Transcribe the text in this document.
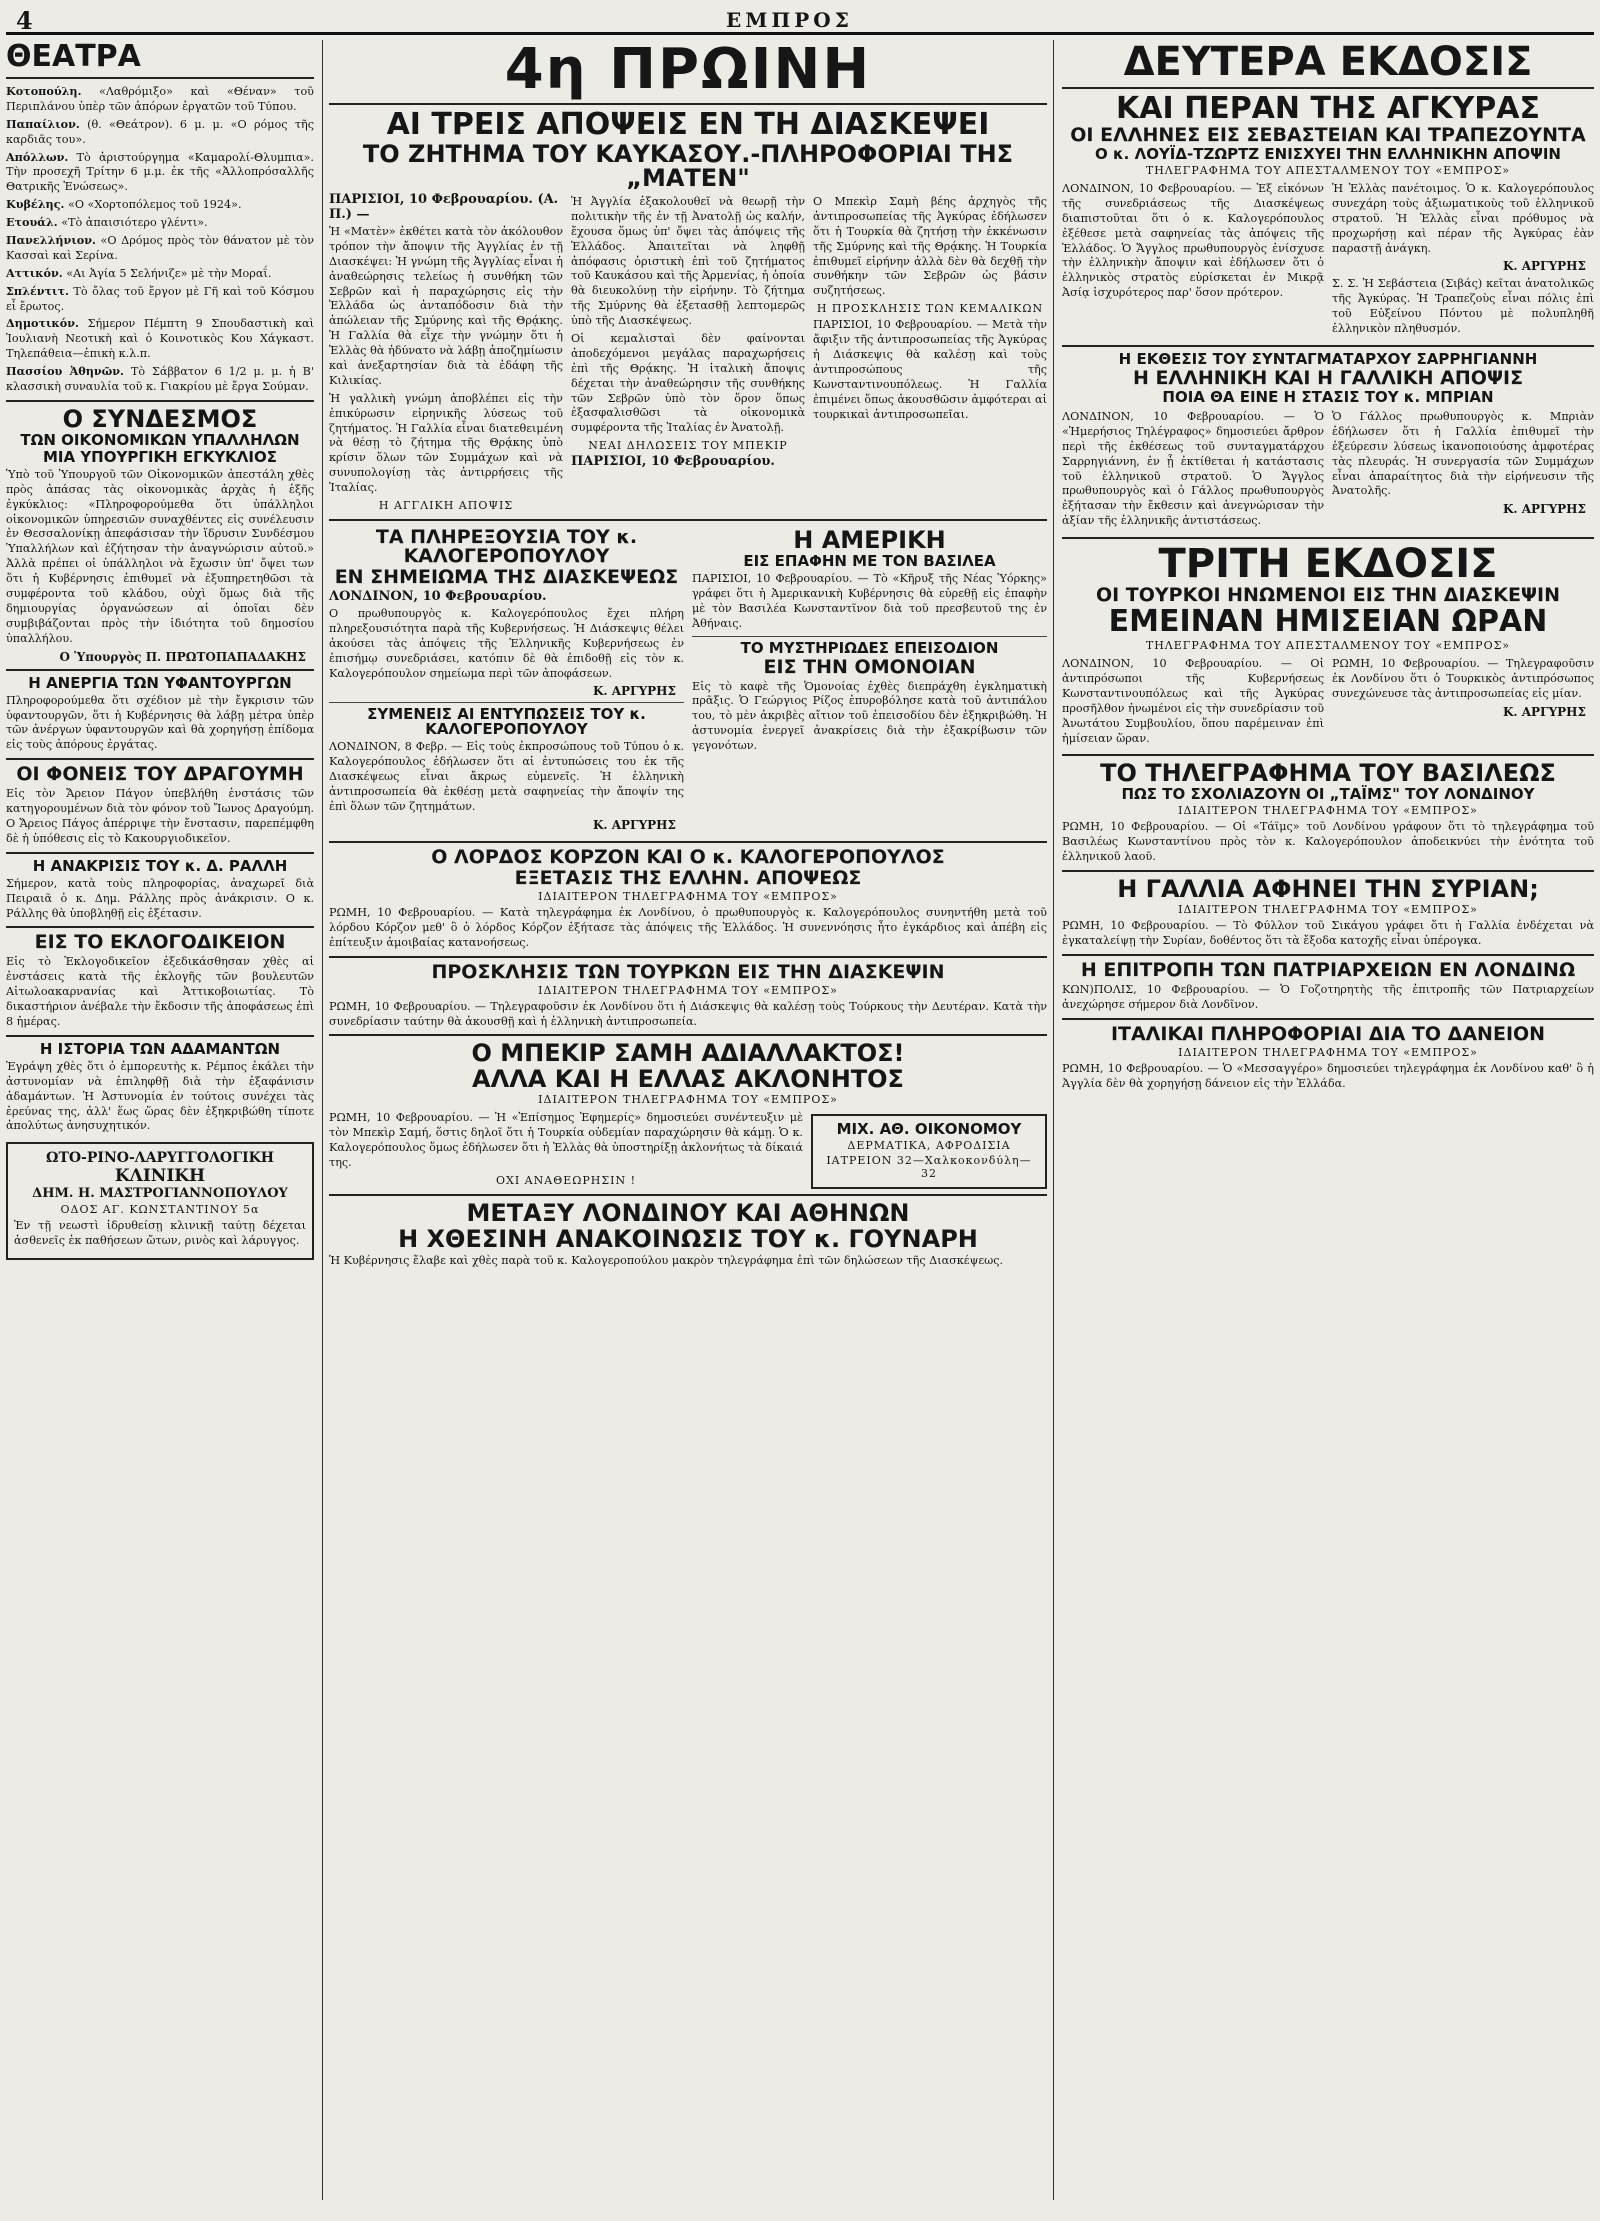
4	ΕΜΠΡΟΣ
ΘΕΑΤΡΑ

Κοτοπούλη. «Λαθρόμιξο» καὶ «Θέναν» τοῦ Περιπλάνου ὑπὲρ τῶν ἀπόρων ἐργατῶν τοῦ Τύπου.

Παπαίλιον. (θ. «Θεάτρον). 6 μ. μ. «Ο ρόμος τῆς καρδιᾶς του».

Απόλλων. Τὸ ἀριστούργημα «Καμαρολί-Θλυμπια». Τὴν προσεχῆ Τρίτην 6 μ.μ. ἐκ τῆς «Ἀλλοπρόσαλλῆς Θατρικῆς Ἑνώσεως».

Κυβέλης. «Ο «Χορτοπόλεμος τοῦ 1924».

Ετουάλ. «Τὸ ἀπαισιότερο γλέντι».

Πανελλήνιον. «Ο Δρόμος πρὸς τὸν θάνατον μὲ τὸν Κασσαὶ καὶ Σερίνα.

Αττικόν. «Αι Ἀγία 5 Σελήνιζε» μὲ τὴν Μοραΐ.

Σπλέντιτ. Τὸ ὄλας τοῦ ἔργον μὲ Γῆ καὶ τοῦ Κόσμου εἶ ἔρωτος.

Δημοτικόν. Σήμερον Πέμπτη 9 Σπουδαστικὴ καὶ Ἰουλιανὴ Νεοτικὴ καὶ ὁ Κοινοτικὸς Κου Χάγκαστ. Τηλεπάθεια—ἐπικὴ κ.λ.π.

Πασσίου Ἀθηνῶν. Τὸ Σάββατον 6 1/2 μ. μ. ἡ Β' κλασσικὴ συναυλία τοῦ κ. Γιακρίου μὲ ἔργα Σούμαν.

Ο ΣΥΝΔΕΣΜΟΣ
ΤΩΝ ΟΙΚΟΝΟΜΙΚΩΝ ΥΠΑΛΛΗΛΩΝ
ΜΙΑ ΥΠΟΥΡΓΙΚΗ ΕΓΚΥΚΛΙΟΣ

Ὑπὸ τοῦ Ὑπουργοῦ τῶν Οἰκονομικῶν ἀπεστάλη χθὲς πρὸς ἁπάσας τὰς οἰκονομικὰς ἀρχὰς ἡ ἑξῆς ἐγκύκλιος: «Πληροφορούμεθα ὅτι ὑπάλληλοι οἰκονομικῶν ὑπηρεσιῶν συναχθέντες εἰς συνέλευσιν ἐν Θεσσαλονίκῃ ἀπεφάσισαν τὴν ἵδρυσιν Συνδέσμου Ὑπαλλήλων καὶ ἐζήτησαν τὴν ἀναγνώρισιν αὐτοῦ.» Ἀλλὰ πρέπει οἱ ὑπάλληλοι νὰ ἔχωσιν ὑπ' ὄψει των ὅτι ἡ Κυβέρνησις ἐπιθυμεῖ νὰ ἐξυπηρετηθῶσι τὰ συμφέροντα τοῦ κλάδου, οὐχὶ ὅμως διὰ τῆς δημιουργίας ὀργανώσεων αἱ ὁποῖαι δὲν συμβιβάζονται πρὸς τὴν ἰδιότητα τοῦ δημοσίου ὑπαλλήλου.

Ο Ὑπουργὸς Π. ΠΡΩΤΟΠΑΠΑΔΑΚΗΣ
Η ΑΝΕΡΓΙΑ ΤΩΝ ΥΦΑΝΤΟΥΡΓΩΝ

Πληροφορούμεθα ὅτι σχέδιον μὲ τὴν ἔγκρισιν τῶν ὑφαντουργῶν, ὅτι ἡ Κυβέρνησις θὰ λάβῃ μέτρα ὑπὲρ τῶν ἀνέργων ὑφαντουργῶν καὶ θὰ χορηγήσῃ ἐπίδομα εἰς τοὺς ἀπόρους ἐργάτας.

ΟΙ ΦΟΝΕΙΣ ΤΟΥ ΔΡΑΓΟΥΜΗ

Εἰς τὸν Ἄρειον Πάγον ὑπεβλήθη ἐνστάσις τῶν κατηγορουμένων διὰ τὸν φόνον τοῦ Ἴωνος Δραγούμη. Ο Ἄρειος Πάγος ἀπέρριψε τὴν ἔνστασιν, παρεπέμφθη δὲ ἡ ὑπόθεσις εἰς τὸ Κακουργιοδικεῖον.

Η ΑΝΑΚΡΙΣΙΣ ΤΟΥ κ. Δ. ΡΑΛΛΗ

Σήμερον, κατὰ τοὺς πληροφορίας, ἀναχωρεῖ διὰ Πειραιᾶ ὁ κ. Δημ. Ράλλης πρὸς ἀνάκρισιν. Ο κ. Ράλλης θὰ ὑποβληθῇ εἰς ἐξέτασιν.

ΕΙΣ ΤΟ ΕΚΛΟΓΟΔΙΚΕΙΟΝ

Εἰς τὸ Ἐκλογοδικεῖον ἐξεδικάσθησαν χθὲς αἱ ἐνστάσεις κατὰ τῆς ἐκλογῆς τῶν βουλευτῶν Αἰτωλοακαρνανίας καὶ Ἀττικοβοιωτίας. Τὸ δικαστήριον ἀνέβαλε τὴν ἔκδοσιν τῆς ἀποφάσεως ἐπὶ 8 ἡμέρας.

Η ΙΣΤΟΡΙΑ ΤΩΝ ΑΔΑΜΑΝΤΩΝ

Ἐγράψη χθὲς ὅτι ὁ ἐμπορευτὴς κ. Ρέμπος ἐκάλει τὴν ἀστυνομίαν νὰ ἐπιληφθῇ διὰ τὴν ἐξαφάνισιν ἀδαμάντων. Ἡ Ἀστυνομία ἐν τούτοις συνέχει τὰς ἐρεύνας της, ἀλλ' ἕως ὥρας δὲν ἐξηκριβώθη τίποτε ἀπολύτως ἀνησυχητικόν.

ΩΤΟ-ΡΙΝΟ-ΛΑΡΥΓΓΟΛΟΓΙΚΗ
ΚΛΙΝΙΚΗ
ΔΗΜ. Η. ΜΑΣΤΡΟΓΙΑΝΝΟΠΟΥΛΟΥ
ΟΔΟΣ ΑΓ. ΚΩΝΣΤΑΝΤΙΝΟΥ 5α

Ἐν τῇ νεωστὶ ἱδρυθείσῃ κλινικῇ ταύτῃ δέχεται ἀσθενεῖς ἐκ παθήσεων ὤτων, ρινὸς καὶ λάρυγγος.

4η ΠΡΩΙΝΗ
ΑΙ ΤΡΕΙΣ ΑΠΟΨΕΙΣ ΕΝ ΤΗ ΔΙΑΣΚΕΨΕΙ
ΤΟ ΖΗΤΗΜΑ ΤΟΥ ΚΑΥΚΑΣΟΥ.-ΠΛΗΡΟΦΟΡΙΑΙ ΤΗΣ „ΜΑΤΕΝ"
ΠΑΡΙΣΙΟΙ, 10 Φεβρουαρίου. (Α. Π.) —

Ἡ «Ματὲν» ἐκθέτει κατὰ τὸν ἀκόλουθον τρόπον τὴν ἄποψιν τῆς Ἀγγλίας ἐν τῇ Διασκέψει: Ἡ γνώμη τῆς Ἀγγλίας εἶναι ἡ ἀναθεώρησις τελείως ἡ συνθήκη τῶν Σεβρῶν καὶ ἡ παραχώρησις εἰς τὴν Ἑλλάδα ὡς ἀνταπόδοσιν διὰ τὴν ἀπώλειαν τῆς Σμύρνης καὶ τῆς Θρᾴκης. Ἡ Γαλλία θὰ εἶχε τὴν γνώμην ὅτι ἡ Ἑλλὰς θὰ ἠδύνατο νὰ λάβῃ ἀποζημίωσιν καὶ ἀνεξαρτησίαν διὰ τὰ ἐδάφη τῆς Κιλικίας.

Ἡ γαλλικὴ γνώμη ἀποβλέπει εἰς τὴν ἐπικύρωσιν εἰρηνικῆς λύσεως τοῦ ζητήματος. Ἡ Γαλλία εἶναι διατεθειμένη νὰ θέσῃ τὸ ζήτημα τῆς Θρᾴκης ὑπὸ κρίσιν ὅλων τῶν Συμμάχων καὶ νὰ συνυπολογίσῃ τὰς ἀντιρρήσεις τῆς Ἰταλίας.

Η ΑΓΓΛΙΚΗ ΑΠΟΨΙΣ

Ἡ Ἀγγλία ἐξακολουθεῖ νὰ θεωρῇ τὴν πολιτικὴν τῆς ἐν τῇ Ἀνατολῇ ὡς καλήν, ἔχουσα ὅμως ὑπ' ὄψει τὰς ἀπόψεις τῆς Ἑλλάδος. Ἀπαιτεῖται νὰ ληφθῇ ἀπόφασις ὁριστικὴ ἐπὶ τοῦ ζητήματος τοῦ Καυκάσου καὶ τῆς Ἀρμενίας, ἡ ὁποία θὰ διευκολύνῃ τὴν εἰρήνην. Τὸ ζήτημα τῆς Σμύρνης θὰ ἐξετασθῇ λεπτομερῶς ὑπὸ τῆς Διασκέψεως.

Οἱ κεμαλισταὶ δὲν φαίνονται ἀποδεχόμενοι μεγάλας παραχωρήσεις ἐπὶ τῆς Θρᾴκης. Ἡ ἰταλικὴ ἄποψις δέχεται τὴν ἀναθεώρησιν τῆς συνθήκης τῶν Σεβρῶν ὑπὸ τὸν ὅρον ὅπως ἐξασφαλισθῶσι τὰ οἰκονομικὰ συμφέροντα τῆς Ἰταλίας ἐν Ἀνατολῇ.

ΝΕΑΙ ΔΗΛΩΣΕΙΣ ΤΟΥ ΜΠΕΚΙΡ
ΠΑΡΙΣΙΟΙ, 10 Φεβρουαρίου.

Ο Μπεκὶρ Σαμὴ βέης ἀρχηγὸς τῆς ἀντιπροσωπείας τῆς Ἀγκύρας ἐδήλωσεν ὅτι ἡ Τουρκία θὰ ζητήσῃ τὴν ἐκκένωσιν τῆς Σμύρνης καὶ τῆς Θρᾴκης. Ἡ Τουρκία ἐπιθυμεῖ εἰρήνην ἀλλὰ δὲν θὰ δεχθῇ τὴν συνθήκην τῶν Σεβρῶν ὡς βάσιν συζητήσεως.

Η ΠΡΟΣΚΛΗΣΙΣ ΤΩΝ ΚΕΜΑΛΙΚΩΝ

ΠΑΡΙΣΙΟΙ, 10 Φεβρουαρίου. — Μετὰ τὴν ἄφιξιν τῆς ἀντιπροσωπείας τῆς Ἀγκύρας ἡ Διάσκεψις θὰ καλέσῃ καὶ τοὺς ἀντιπροσώπους τῆς Κωνσταντινουπόλεως. Ἡ Γαλλία ἐπιμένει ὅπως ἀκουσθῶσιν ἀμφότεραι αἱ τουρκικαὶ ἀντιπροσωπεῖαι.

ΤΑ ΠΛΗΡΕΞΟΥΣΙΑ ΤΟΥ κ. ΚΑΛΟΓΕΡΟΠΟΥΛΟΥ
ΕΝ ΣΗΜΕΙΩΜΑ ΤΗΣ ΔΙΑΣΚΕΨΕΩΣ
ΛΟΝΔΙΝΟΝ, 10 Φεβρουαρίου.

Ο πρωθυπουργὸς κ. Καλογερόπουλος ἔχει πλήρη πληρεξουσιότητα παρὰ τῆς Κυβερνήσεως. Ἡ Διάσκεψις θέλει ἀκούσει τὰς ἀπόψεις τῆς Ἑλληνικῆς Κυβερνήσεως ἐν ἐπισήμῳ συνεδριάσει, κατόπιν δὲ θὰ ἐπιδοθῇ εἰς τὸν κ. Καλογερόπουλον σημείωμα περὶ τῶν ἀποφάσεων.

Κ. ΑΡΓΥΡΗΣ
ΣΥΜΕΝΕΙΣ ΑΙ ΕΝΤΥΠΩΣΕΙΣ ΤΟΥ κ. ΚΑΛΟΓΕΡΟΠΟΥΛΟΥ

ΛΟΝΔΙΝΟΝ, 8 Φεβρ. — Εἰς τοὺς ἐκπροσώπους τοῦ Τύπου ὁ κ. Καλογερόπουλος ἐδήλωσεν ὅτι αἱ ἐντυπώσεις του ἐκ τῆς Διασκέψεως εἶναι ἄκρως εὐμενεῖς. Ἡ ἑλληνικὴ ἀντιπροσωπεία θὰ ἐκθέσῃ μετὰ σαφηνείας τὴν ἄποψίν της ἐπὶ ὅλων τῶν ζητημάτων.

Κ. ΑΡΓΥΡΗΣ
Η ΑΜΕΡΙΚΗ
ΕΙΣ ΕΠΑΦΗΝ ΜΕ ΤΟΝ ΒΑΣΙΛΕΑ

ΠΑΡΙΣΙΟΙ, 10 Φεβρουαρίου. — Τὸ «Κῆρυξ τῆς Νέας Ὑόρκης» γράφει ὅτι ἡ Ἀμερικανικὴ Κυβέρνησις θὰ εὑρεθῇ εἰς ἐπαφὴν μὲ τὸν Βασιλέα Κωνσταντῖνον διὰ τοῦ πρεσβευτοῦ της ἐν Ἀθήναις.

ΤΟ ΜΥΣΤΗΡΙΩΔΕΣ ΕΠΕΙΣΟΔΙΟΝ
ΕΙΣ ΤΗΝ ΟΜΟΝΟΙΑΝ

Εἰς τὸ καφὲ τῆς Ὁμονοίας ἐχθὲς διεπράχθη ἐγκληματικὴ πρᾶξις. Ὁ Γεώργιος Ρίζος ἐπυροβόλησε κατὰ τοῦ ἀντιπάλου του, τὸ μὲν ἀκριβὲς αἴτιον τοῦ ἐπεισοδίου δὲν ἐξηκριβώθη. Ἡ ἀστυνομία ἐνεργεῖ ἀνακρίσεις διὰ τὴν ἐξακρίβωσιν τῶν γεγονότων.

Ο ΛΟΡΔΟΣ ΚΟΡΖΟΝ ΚΑΙ Ο κ. ΚΑΛΟΓΕΡΟΠΟΥΛΟΣ
ΕΞΕΤΑΣΙΣ ΤΗΣ ΕΛΛΗΝ. ΑΠΟΨΕΩΣ
ΙΔΙΑΙΤΕΡΟΝ ΤΗΛΕΓΡΑΦΗΜΑ ΤΟΥ «ΕΜΠΡΟΣ»

ΡΩΜΗ, 10 Φεβρουαρίου. — Κατὰ τηλεγράφημα ἐκ Λονδίνου, ὁ πρωθυπουργὸς κ. Καλογερόπουλος συνηντήθη μετὰ τοῦ λόρδου Κόρζον μεθ' ὃ ὁ λόρδος Κόρζον ἐξήτασε τὰς ἀπόψεις τῆς Ἑλλάδος. Ἡ συνεννόησις ἦτο ἐγκάρδιος καὶ ἀπέβη εἰς ἐπίτευξιν ἀμοιβαίας κατανοήσεως.

ΠΡΟΣΚΛΗΣΙΣ ΤΩΝ ΤΟΥΡΚΩΝ ΕΙΣ ΤΗΝ ΔΙΑΣΚΕΨΙΝ
ΙΔΙΑΙΤΕΡΟΝ ΤΗΛΕΓΡΑΦΗΜΑ ΤΟΥ «ΕΜΠΡΟΣ»

ΡΩΜΗ, 10 Φεβρουαρίου. — Τηλεγραφοῦσιν ἐκ Λονδίνου ὅτι ἡ Διάσκεψις θὰ καλέσῃ τοὺς Τούρκους τὴν Δευτέραν. Κατὰ τὴν συνεδρίασιν ταύτην θὰ ἀκουσθῇ καὶ ἡ ἑλληνικὴ ἀντιπροσωπεία.

Ο ΜΠΕΚΙΡ ΣΑΜΗ ΑΔΙΑΛΛΑΚΤΟΣ!
ΑΛΛΑ ΚΑΙ Η ΕΛΛΑΣ ΑΚΛΟΝΗΤΟΣ
ΙΔΙΑΙΤΕΡΟΝ ΤΗΛΕΓΡΑΦΗΜΑ ΤΟΥ «ΕΜΠΡΟΣ»

ΡΩΜΗ, 10 Φεβρουαρίου. — Ἡ «Ἐπίσημος Ἐφημερίς» δημοσιεύει συνέντευξιν μὲ τὸν Μπεκὶρ Σαμή, ὅστις δηλοῖ ὅτι ἡ Τουρκία οὐδεμίαν παραχώρησιν θὰ κάμῃ. Ὁ κ. Καλογερόπουλος ὅμως ἐδήλωσεν ὅτι ἡ Ἑλλὰς θὰ ὑποστηρίξῃ ἀκλονήτως τὰ δίκαιά της.

ΟΧΙ ΑΝΑΘΕΩΡΗΣΙΝ !
ΜΙΧ. ΑΘ. ΟΙΚΟΝΟΜΟΥ
ΔΕΡΜΑΤΙΚΑ, ΑΦΡΟΔΙΣΙΑ
ΙΑΤΡΕΙΟΝ 32—Χαλκοκονδύλη—32
ΜΕΤΑΞΥ ΛΟΝΔΙΝΟΥ ΚΑΙ ΑΘΗΝΩΝ
Η ΧΘΕΣΙΝΗ ΑΝΑΚΟΙΝΩΣΙΣ ΤΟΥ κ. ΓΟΥΝΑΡΗ

Ἡ Κυβέρνησις ἔλαβε καὶ χθὲς παρὰ τοῦ κ. Καλογεροπούλου μακρὸν τηλεγράφημα ἐπὶ τῶν δηλώσεων τῆς Διασκέψεως.

ΔΕΥΤΕΡΑ ΕΚΔΟΣΙΣ
ΚΑΙ ΠΕΡΑΝ ΤΗΣ ΑΓΚΥΡΑΣ
ΟΙ ΕΛΛΗΝΕΣ ΕΙΣ ΣΕΒΑΣΤΕΙΑΝ ΚΑΙ ΤΡΑΠΕΖΟΥΝΤΑ
Ο κ. ΛΟΥΪΔ-ΤΖΩΡΤΖ ΕΝΙΣΧΥΕΙ ΤΗΝ ΕΛΛΗΝΙΚΗΝ ΑΠΟΨΙΝ
ΤΗΛΕΓΡΑΦΗΜΑ ΤΟΥ ΑΠΕΣΤΑΛΜΕΝΟΥ ΤΟΥ «ΕΜΠΡΟΣ»

ΛΟΝΔΙΝΟΝ, 10 Φεβρουαρίου. — Ἐξ εἰκόνων τῆς συνεδριάσεως τῆς Διασκέψεως διαπιστοῦται ὅτι ὁ κ. Καλογερόπουλος ἐξέθεσε μετὰ σαφηνείας τὰς ἀπόψεις τῆς Ἑλλάδος. Ὁ Ἄγγλος πρωθυπουργὸς ἐνίσχυσε τὴν ἑλληνικὴν ἄποψιν καὶ ἐδήλωσεν ὅτι ὁ ἑλληνικὸς στρατὸς εὑρίσκεται ἐν Μικρᾷ Ἀσίᾳ ἰσχυρότερος παρ' ὅσον πρότερον.

Ἡ Ἑλλὰς πανέτοιμος. Ὁ κ. Καλογερόπουλος συνεχάρη τοὺς ἀξιωματικοὺς τοῦ ἑλληνικοῦ στρατοῦ. Ἡ Ἑλλὰς εἶναι πρόθυμος νὰ προχωρήσῃ καὶ πέραν τῆς Ἀγκύρας ἐὰν παραστῇ ἀνάγκη.

Κ. ΑΡΓΥΡΗΣ

Σ. Σ. Ἡ Σεβάστεια (Σιβάς) κεῖται ἀνατολικῶς τῆς Ἀγκύρας. Ἡ Τραπεζοὺς εἶναι πόλις ἐπὶ τοῦ Εὐξείνου Πόντου μὲ πολυπληθῆ ἑλληνικὸν πληθυσμόν.

Η ΕΚΘΕΣΙΣ ΤΟΥ ΣΥΝΤΑΓΜΑΤΑΡΧΟΥ ΣΑΡΡΗΓΙΑΝΝΗ
Η ΕΛΛΗΝΙΚΗ ΚΑΙ Η ΓΑΛΛΙΚΗ ΑΠΟΨΙΣ
ΠΟΙΑ ΘΑ ΕΙΝΕ Η ΣΤΑΣΙΣ ΤΟΥ κ. ΜΠΡΙΑΝ

ΛΟΝΔΙΝΟΝ, 10 Φεβρουαρίου. — Ὁ «Ἡμερήσιος Τηλέγραφος» δημοσιεύει ἄρθρον περὶ τῆς ἐκθέσεως τοῦ συνταγματάρχου Σαρρηγιάννη, ἐν ᾗ ἐκτίθεται ἡ κατάστασις τοῦ ἑλληνικοῦ στρατοῦ. Ὁ Ἄγγλος πρωθυπουργὸς καὶ ὁ Γάλλος πρωθυπουργὸς ἐξήτασαν τὴν ἔκθεσιν καὶ ἀνεγνώρισαν τὴν ἀξίαν τῆς ἑλληνικῆς ἀντιστάσεως.

Ὁ Γάλλος πρωθυπουργὸς κ. Μπριὰν ἐδήλωσεν ὅτι ἡ Γαλλία ἐπιθυμεῖ τὴν ἐξεύρεσιν λύσεως ἱκανοποιούσης ἀμφοτέρας τὰς πλευράς. Ἡ συνεργασία τῶν Συμμάχων εἶναι ἀπαραίτητος διὰ τὴν εἰρήνευσιν τῆς Ἀνατολῆς.

Κ. ΑΡΓΥΡΗΣ
ΤΡΙΤΗ ΕΚΔΟΣΙΣ
ΟΙ ΤΟΥΡΚΟΙ ΗΝΩΜΕΝΟΙ ΕΙΣ ΤΗΝ ΔΙΑΣΚΕΨΙΝ
ΕΜΕΙΝΑΝ ΗΜΙΣΕΙΑΝ ΩΡΑΝ
ΤΗΛΕΓΡΑΦΗΜΑ ΤΟΥ ΑΠΕΣΤΑΛΜΕΝΟΥ ΤΟΥ «ΕΜΠΡΟΣ»

ΛΟΝΔΙΝΟΝ, 10 Φεβρουαρίου. — Οἱ ἀντιπρόσωποι τῆς Κυβερνήσεως Κωνσταντινουπόλεως καὶ τῆς Ἀγκύρας προσῆλθον ἡνωμένοι εἰς τὴν συνεδρίασιν τοῦ Ἀνωτάτου Συμβουλίου, ὅπου παρέμειναν ἐπὶ ἡμίσειαν ὥραν.

ΡΩΜΗ, 10 Φεβρουαρίου. — Τηλεγραφοῦσιν ἐκ Λονδίνου ὅτι ὁ Τουρκικὸς ἀντιπρόσωπος συνεχώνευσε τὰς ἀντιπροσωπείας εἰς μίαν.

Κ. ΑΡΓΥΡΗΣ
ΤΟ ΤΗΛΕΓΡΑΦΗΜΑ ΤΟΥ ΒΑΣΙΛΕΩΣ
ΠΩΣ ΤΟ ΣΧΟΛΙΑΖΟΥΝ ΟΙ „ΤΑΪΜΣ" ΤΟΥ ΛΟΝΔΙΝΟΥ
ΙΔΙΑΙΤΕΡΟΝ ΤΗΛΕΓΡΑΦΗΜΑ ΤΟΥ «ΕΜΠΡΟΣ»

ΡΩΜΗ, 10 Φεβρουαρίου. — Οἱ «Τάϊμς» τοῦ Λονδίνου γράφουν ὅτι τὸ τηλεγράφημα τοῦ Βασιλέως Κωνσταντίνου πρὸς τὸν κ. Καλογερόπουλον ἀποδεικνύει τὴν ἑνότητα τοῦ ἑλληνικοῦ λαοῦ.

Η ΓΑΛΛΙΑ ΑΦΗΝΕΙ ΤΗΝ ΣΥΡΙΑΝ;
ΙΔΙΑΙΤΕΡΟΝ ΤΗΛΕΓΡΑΦΗΜΑ ΤΟΥ «ΕΜΠΡΟΣ»

ΡΩΜΗ, 10 Φεβρουαρίου. — Τὸ Φύλλον τοῦ Σικάγου γράφει ὅτι ἡ Γαλλία ἐνδέχεται νὰ ἐγκαταλείψῃ τὴν Συρίαν, δοθέντος ὅτι τὰ ἔξοδα κατοχῆς εἶναι ὑπέρογκα.

Η ΕΠΙΤΡΟΠΗ ΤΩΝ ΠΑΤΡΙΑΡΧΕΙΩΝ ΕΝ ΛΟΝΔΙΝΩ

ΚΩΝ)ΠΟΛΙΣ, 10 Φεβρουαρίου. — Ὁ Γοζοτηρητὴς τῆς ἐπιτροπῆς τῶν Πατριαρχείων ἀνεχώρησε σήμερον διὰ Λονδῖνον.

ΙΤΑΛΙΚΑΙ ΠΛΗΡΟΦΟΡΙΑΙ ΔΙΑ ΤΟ ΔΑΝΕΙΟΝ
ΙΔΙΑΙΤΕΡΟΝ ΤΗΛΕΓΡΑΦΗΜΑ ΤΟΥ «ΕΜΠΡΟΣ»

ΡΩΜΗ, 10 Φεβρουαρίου. — Ὁ «Μεσσαγγέρο» δημοσιεύει τηλεγράφημα ἐκ Λονδίνου καθ' ὃ ἡ Ἀγγλία δὲν θὰ χορηγήσῃ δάνειον εἰς τὴν Ἑλλάδα.
